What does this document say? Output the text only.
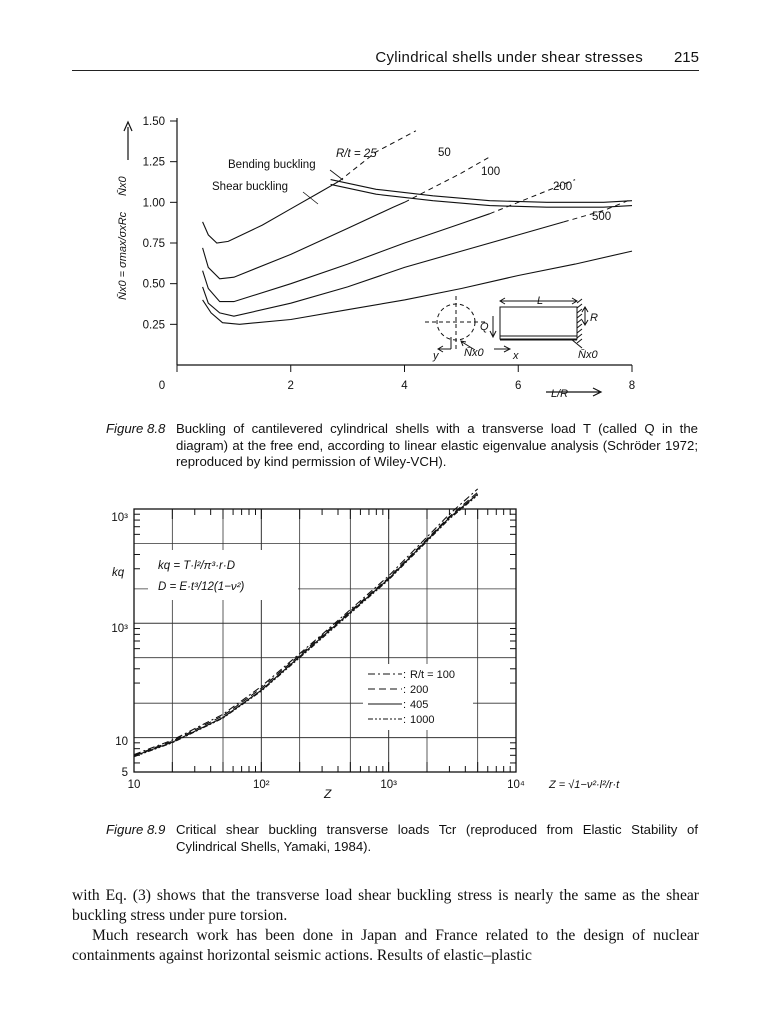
Cylindrical shells under shear stresses 215
0	2	4	6	8
0.25
0.50
0.75
1.00
1.25
1.50
L/R
N̄x0 = σmax/σxRc
N̄x0
Bending buckling
Shear buckling
R/t = 25	50
100
200
500
L
R
Q
y	x
N̄x0	N̄x0
kq = T·l²/π³·r·D
D = E·t³/12(1−ν²)
kq
:
:
:
:
R/t = 100
200
405
1000
10	10²	10³	10⁴
5
10
10³
10³
Z
Z = √1−ν²·l²/r·t
Figure 8.8 Buckling of cantilevered cylindrical shells with a transverse load T (called Q in the diagram) at the free end, according to linear elastic eigenvalue analysis (Schröder 1972; reproduced by kind permission of Wiley-VCH).
Figure 8.9 Critical shear buckling transverse loads Tcr (reproduced from Elastic Stability of Cylindrical Shells, Yamaki, 1984).

with Eq. (3) shows that the transverse load shear buckling stress is nearly the same as the shear buckling stress under pure torsion.

Much research work has been done in Japan and France related to the design of nuclear containments against horizontal seismic actions. Results of elastic–plastic
